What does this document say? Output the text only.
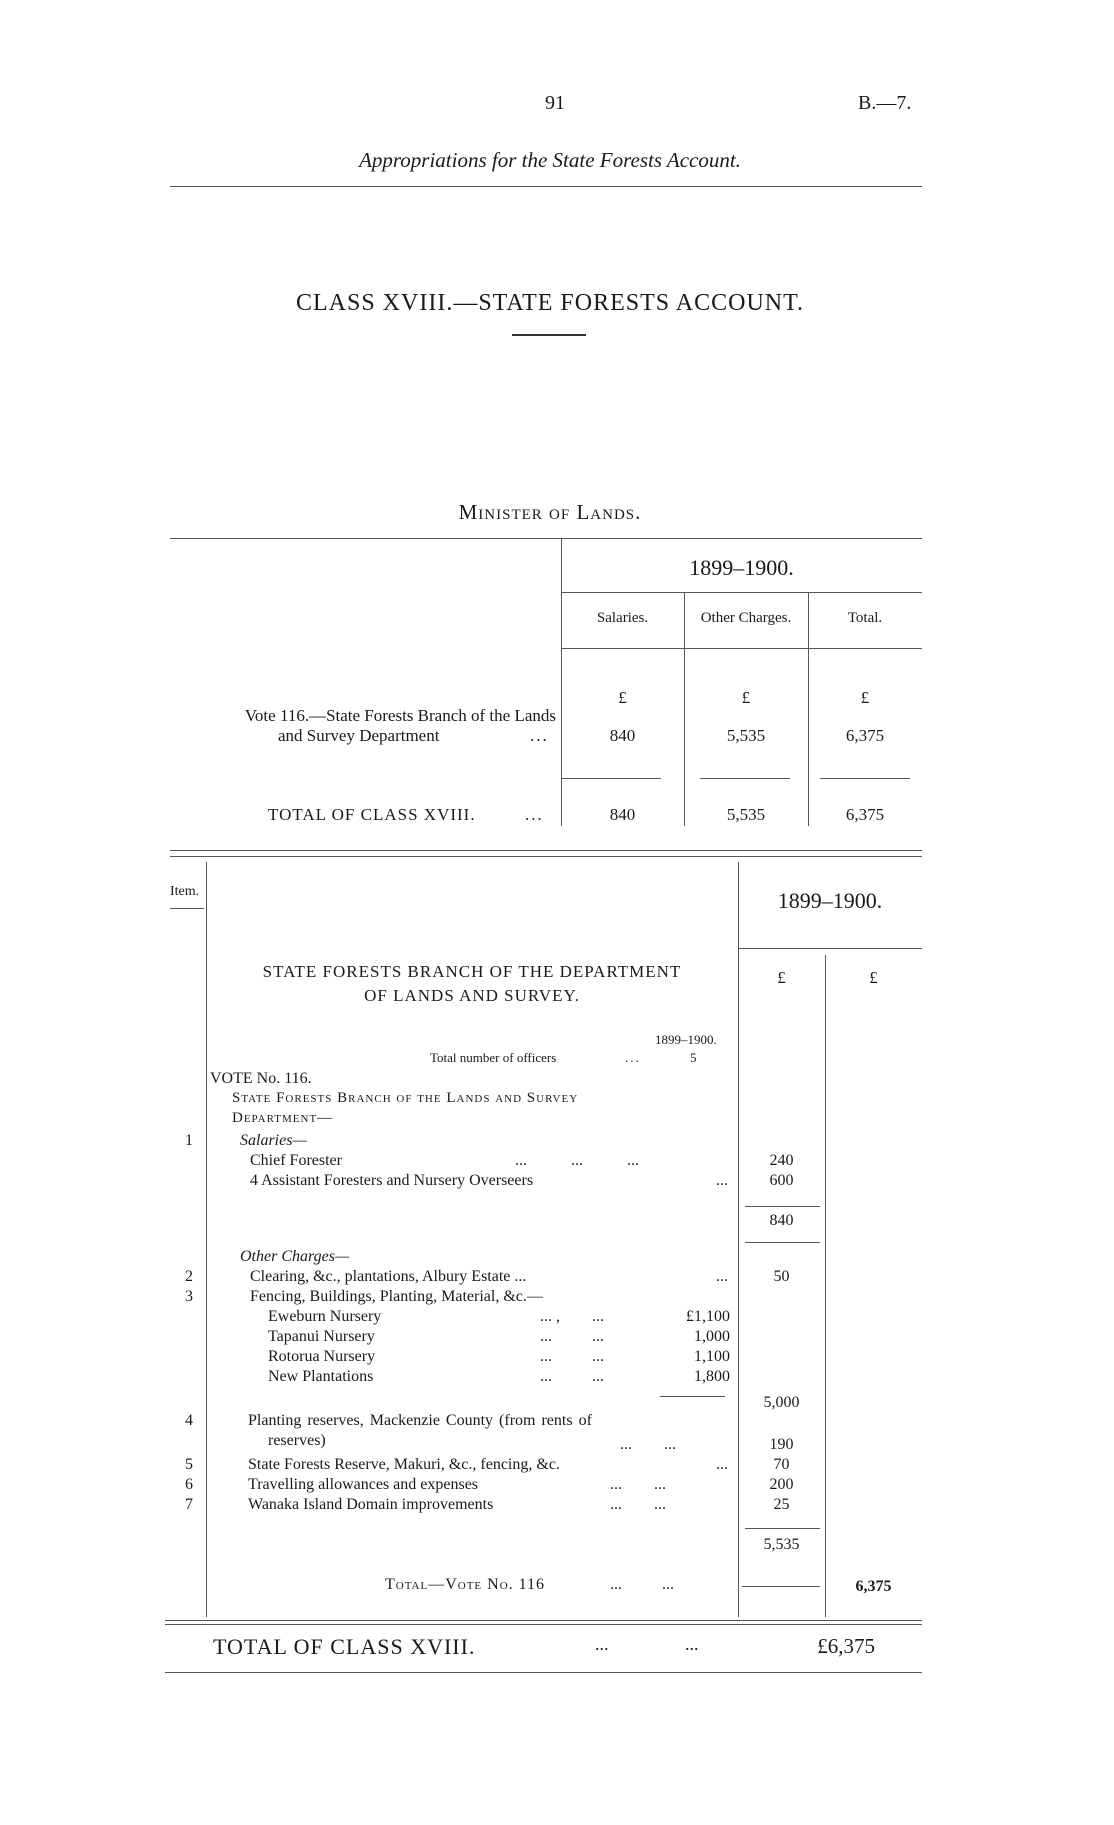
91	B.—7.
Appropriations for the State Forests Account.
CLASS XVIII.—STATE FORESTS ACCOUNT.
Minister of Lands.
1899–1900.
Salaries.	Other Charges.	Total.
£	£	£
Vote 116.—State Forests Branch of the Lands
and Survey Department	...	840	5,535	6,375
TOTAL OF CLASS XVIII.	...	840	5,535	6,375
Item.	1899–1900.
£	£
STATE FORESTS BRANCH OF THE DEPARTMENT
OF LANDS AND SURVEY.
1899–1900.
Total number of officers	...	5
VOTE No. 116.
State Forests Branch of the Lands and Survey
Department—
1	Salaries—
Chief Forester	...           ...           ...	240
4 Assistant Foresters and Nursery Overseers	...	600
840
Other Charges—
2	Clearing, &c., plantations, Albury Estate ...	...	50
3	Fencing, Buildings, Planting, Material, &c.—
Eweburn Nursery	... ,        ...	£1,100
Tapanui Nursery	...          ...	1,000
Rotorua Nursery	...          ...	1,100
New Plantations	...          ...	1,800
5,000
4	Planting reserves, Mackenzie County (from rents of
reserves)	...        ...	190
5	State Forests Reserve, Makuri, &c., fencing, &c.	...	70
6	Travelling allowances and expenses	...        ...	200
7	Wanaka Island Domain improvements	...        ...	25
5,535
Total—Vote No. 116	...          ...	6,375
TOTAL OF CLASS XVIII.	...                 ...	£6,375
